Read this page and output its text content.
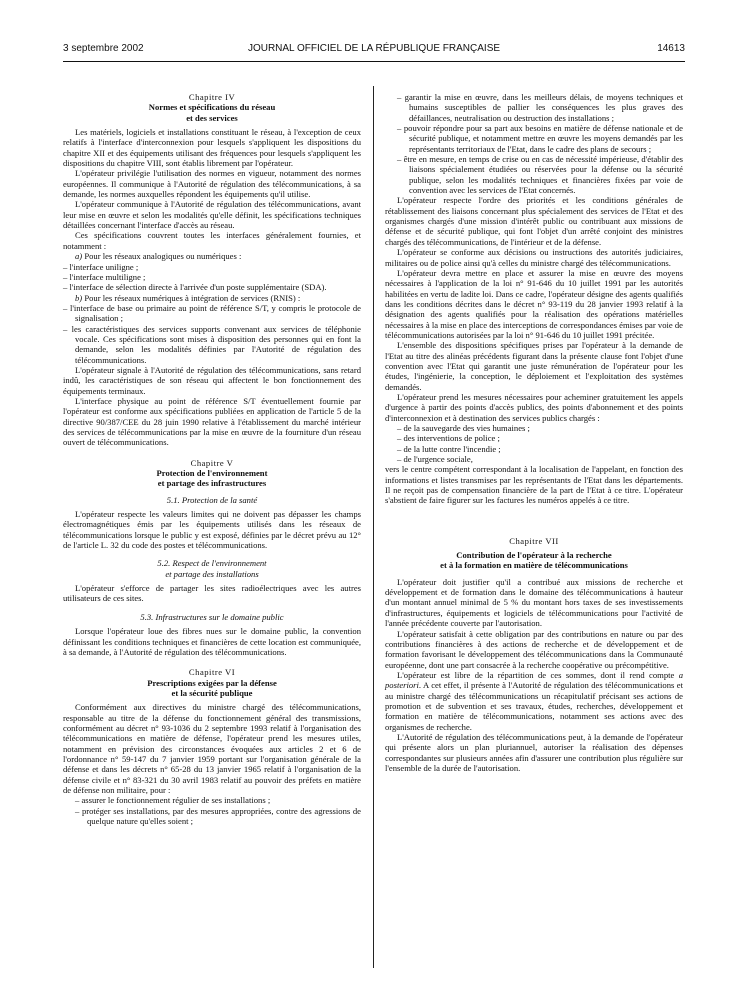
3 septembre 2002	JOURNAL OFFICIEL DE LA RÉPUBLIQUE FRANÇAISE	14613

Chapitre IV

Normes et spécifications du réseau

et des services

Les matériels, logiciels et installations constituant le réseau, à l'exception de ceux relatifs à l'interface d'interconnexion pour lesquels s'appliquent les dispositions du chapitre XII et des équipements utilisant des fréquences pour lesquels s'appliquent les dispositions du chapitre VIII, sont établis librement par l'opérateur.

L'opérateur privilégie l'utilisation des normes en vigueur, notamment des normes européennes. Il communique à l'Autorité de régulation des télécommunications, à sa demande, les normes auxquelles répondent les équipements qu'il utilise.

L'opérateur communique à l'Autorité de régulation des télécommunications, avant leur mise en œuvre et selon les modalités qu'elle définit, les spécifications techniques détaillées concernant l'interface d'accès au réseau.

Ces spécifications couvrent toutes les interfaces généralement fournies, et notamment :

a) Pour les réseaux analogiques ou numériques :

– l'interface uniligne ;

– l'interface multiligne ;

– l'interface de sélection directe à l'arrivée d'un poste supplémentaire (SDA).

b) Pour les réseaux numériques à intégration de services (RNIS) :

– l'interface de base ou primaire au point de référence S/T, y compris le protocole de signalisation ;

– les caractéristiques des services supports convenant aux services de téléphonie vocale. Ces spécifications sont mises à disposition des personnes qui en font la demande, selon les modalités définies par l'Autorité de régulation des télécommunications.

L'opérateur signale à l'Autorité de régulation des télécommunications, sans retard indû, les caractéristiques de son réseau qui affectent le bon fonctionnement des équipements terminaux.

L'interface physique au point de référence S/T éventuellement fournie par l'opérateur est conforme aux spécifications publiées en application de l'article 5 de la directive 90/387/CEE du 28 juin 1990 relative à l'établissement du marché intérieur des services de télécommunications par la mise en œuvre de la fourniture d'un réseau ouvert de télécommunications.

Chapitre V

Protection de l'environnement

et partage des infrastructures

5.1. Protection de la santé

L'opérateur respecte les valeurs limites qui ne doivent pas dépasser les champs électromagnétiques émis par les équipements utilisés dans les réseaux de télécommunications lorsque le public y est exposé, définies par le décret prévu au 12° de l'article L. 32 du code des postes et télécommunications.

5.2. Respect de l'environnement

et partage des installations

L'opérateur s'efforce de partager les sites radioélectriques avec les autres utilisateurs de ces sites.

5.3. Infrastructures sur le domaine public

Lorsque l'opérateur loue des fibres nues sur le domaine public, la convention définissant les conditions techniques et financières de cette location est communiquée, à sa demande, à l'Autorité de régulation des télécommunications.

Chapitre VI

Prescriptions exigées par la défense

et la sécurité publique

Conformément aux directives du ministre chargé des télécommunications, responsable au titre de la défense du fonctionnement général des transmissions, conformément au décret n° 93-1036 du 2 septembre 1993 relatif à l'organisation des télécommunications en matière de défense, l'opérateur prend les mesures utiles, notamment en prévision des circonstances évoquées aux articles 2 et 6 de l'ordonnance n° 59-147 du 7 janvier 1959 portant sur l'organisation générale de la défense et dans les décrets n° 65-28 du 13 janvier 1965 relatif à l'organisation de la défense civile et n° 83-321 du 30 avril 1983 relatif au pouvoir des préfets en matière de défense non militaire, pour :

– assurer le fonctionnement régulier de ses installations ;

– protéger ses installations, par des mesures appropriées, contre des agressions de quelque nature qu'elles soient ;

– garantir la mise en œuvre, dans les meilleurs délais, de moyens techniques et humains susceptibles de pallier les conséquences les plus graves des défaillances, neutralisation ou destruction des installations ;

– pouvoir répondre pour sa part aux besoins en matière de défense nationale et de sécurité publique, et notamment mettre en œuvre les moyens demandés par les représentants territoriaux de l'Etat, dans le cadre des plans de secours ;

– être en mesure, en temps de crise ou en cas de nécessité impérieuse, d'établir des liaisons spécialement étudiées ou réservées pour la défense ou la sécurité publique, selon les modalités techniques et financières fixées par voie de convention avec les services de l'Etat concernés.

L'opérateur respecte l'ordre des priorités et les conditions générales de rétablissement des liaisons concernant plus spécialement des services de l'Etat et des organismes chargés d'une mission d'intérêt public ou contribuant aux missions de défense et de sécurité publique, qui font l'objet d'un arrêté conjoint des ministres chargés des télécommunications, de l'intérieur et de la défense.

L'opérateur se conforme aux décisions ou instructions des autorités judiciaires, militaires ou de police ainsi qu'à celles du ministre chargé des télécommunications.

L'opérateur devra mettre en place et assurer la mise en œuvre des moyens nécessaires à l'application de la loi n° 91-646 du 10 juillet 1991 par les autorités habilitées en vertu de ladite loi. Dans ce cadre, l'opérateur désigne des agents qualifiés dans les conditions décrites dans le décret n° 93-119 du 28 janvier 1993 relatif à la désignation des agents qualifiés pour la réalisation des opérations matérielles nécessaires à la mise en place des interceptions de correspondances émises par voie de télécommunications autorisées par la loi n° 91-646 du 10 juillet 1991 précitée.

L'ensemble des dispositions spécifiques prises par l'opérateur à la demande de l'Etat au titre des alinéas précédents figurant dans la présente clause font l'objet d'une convention avec l'Etat qui garantit une juste rémunération de l'opérateur pour les études, l'ingénierie, la conception, le déploiement et l'exploitation des systèmes demandés.

L'opérateur prend les mesures nécessaires pour acheminer gratuitement les appels d'urgence à partir des points d'accès publics, des points d'abonnement et des points d'interconnexion et à destination des services publics chargés :

– de la sauvegarde des vies humaines ;

– des interventions de police ;

– de la lutte contre l'incendie ;

– de l'urgence sociale,

vers le centre compétent correspondant à la localisation de l'appelant, en fonction des informations et listes transmises par les représentants de l'Etat dans les départements. Il ne reçoit pas de compensation financière de la part de l'Etat à ce titre. L'opérateur s'abstient de faire figurer sur les factures les numéros appelés à ce titre.

Chapitre VII

Contribution de l'opérateur à la recherche

et à la formation en matière de télécommunications

L'opérateur doit justifier qu'il a contribué aux missions de recherche et développement et de formation dans le domaine des télécommunications à hauteur d'un montant annuel minimal de 5 % du montant hors taxes de ses investissements d'infrastructures, équipements et logiciels de télécommunications pour l'activité de l'année précédente couverte par l'autorisation.

L'opérateur satisfait à cette obligation par des contributions en nature ou par des contributions financières à des actions de recherche et de développement et de formation favorisant le développement des télécommunications dans la Communauté européenne, dont une part consacrée à la recherche coopérative ou précompétitive.

L'opérateur est libre de la répartition de ces sommes, dont il rend compte a posteriori. A cet effet, il présente à l'Autorité de régulation des télécommunications et au ministre chargé des télécommunications un récapitulatif précisant ses actions de promotion et de subvention et ses travaux, études, recherches, développement et formation en matière de télécommunications, notamment ses actions avec des organismes de recherche.

L'Autorité de régulation des télécommunications peut, à la demande de l'opérateur qui présente alors un plan pluriannuel, autoriser la réalisation des dépenses correspondantes sur plusieurs années afin d'assurer une contribution plus régulière sur l'ensemble de la durée de l'autorisation.
